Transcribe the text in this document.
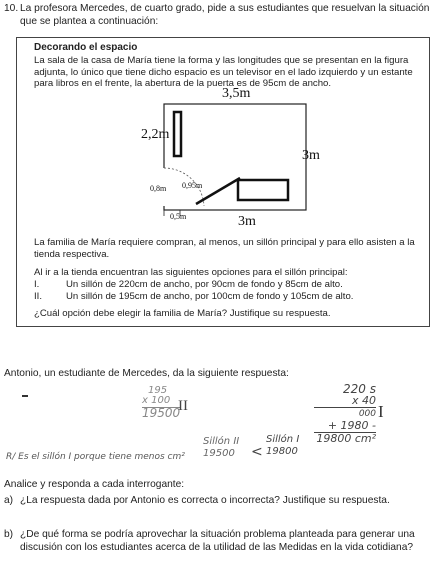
10. La profesora Mercedes, de cuarto grado, pide a sus estudiantes que resuelvan la situación que se plantea a continuación:
Decorando el espacio
La sala de la casa de María tiene la forma y las longitudes que se presentan en la figura adjunta, lo único que tiene dicho espacio es un televisor en el lado izquierdo y un estante para libros en el frente, la abertura de la puerta es de 95cm de ancho.
3,5m
3m
3m
2,2m
0,95m
0,8m
0,5m
La familia de María requiere compran, al menos, un sillón principal y para ello asisten a la tienda respectiva.
Al ir a la tienda encuentran las siguientes opciones para el sillón principal:
I.	Un sillón de 220cm de ancho, por 90cm de fondo y 85cm de alto.
II.	Un sillón de 195cm de ancho, por 100cm de fondo y 105cm de alto.
¿Cuál opción debe elegir la familia de María? Justifique su respuesta.
Antonio, un estudiante de Mercedes, da la siguiente respuesta:
195
x 100
19500
II
220 s
x 40
000
+ 1980 -
19800 cm²
I
Sillón II
19500	<
Sillón I
19800
R/ Es el sillón I porque tiene menos cm²
Analice y responda a cada interrogante:
a) ¿La respuesta dada por Antonio es correcta o incorrecta? Justifique su respuesta.
b) ¿De qué forma se podría aprovechar la situación problema planteada para generar una discusión con los estudiantes acerca de la utilidad de las Medidas en la vida cotidiana?
